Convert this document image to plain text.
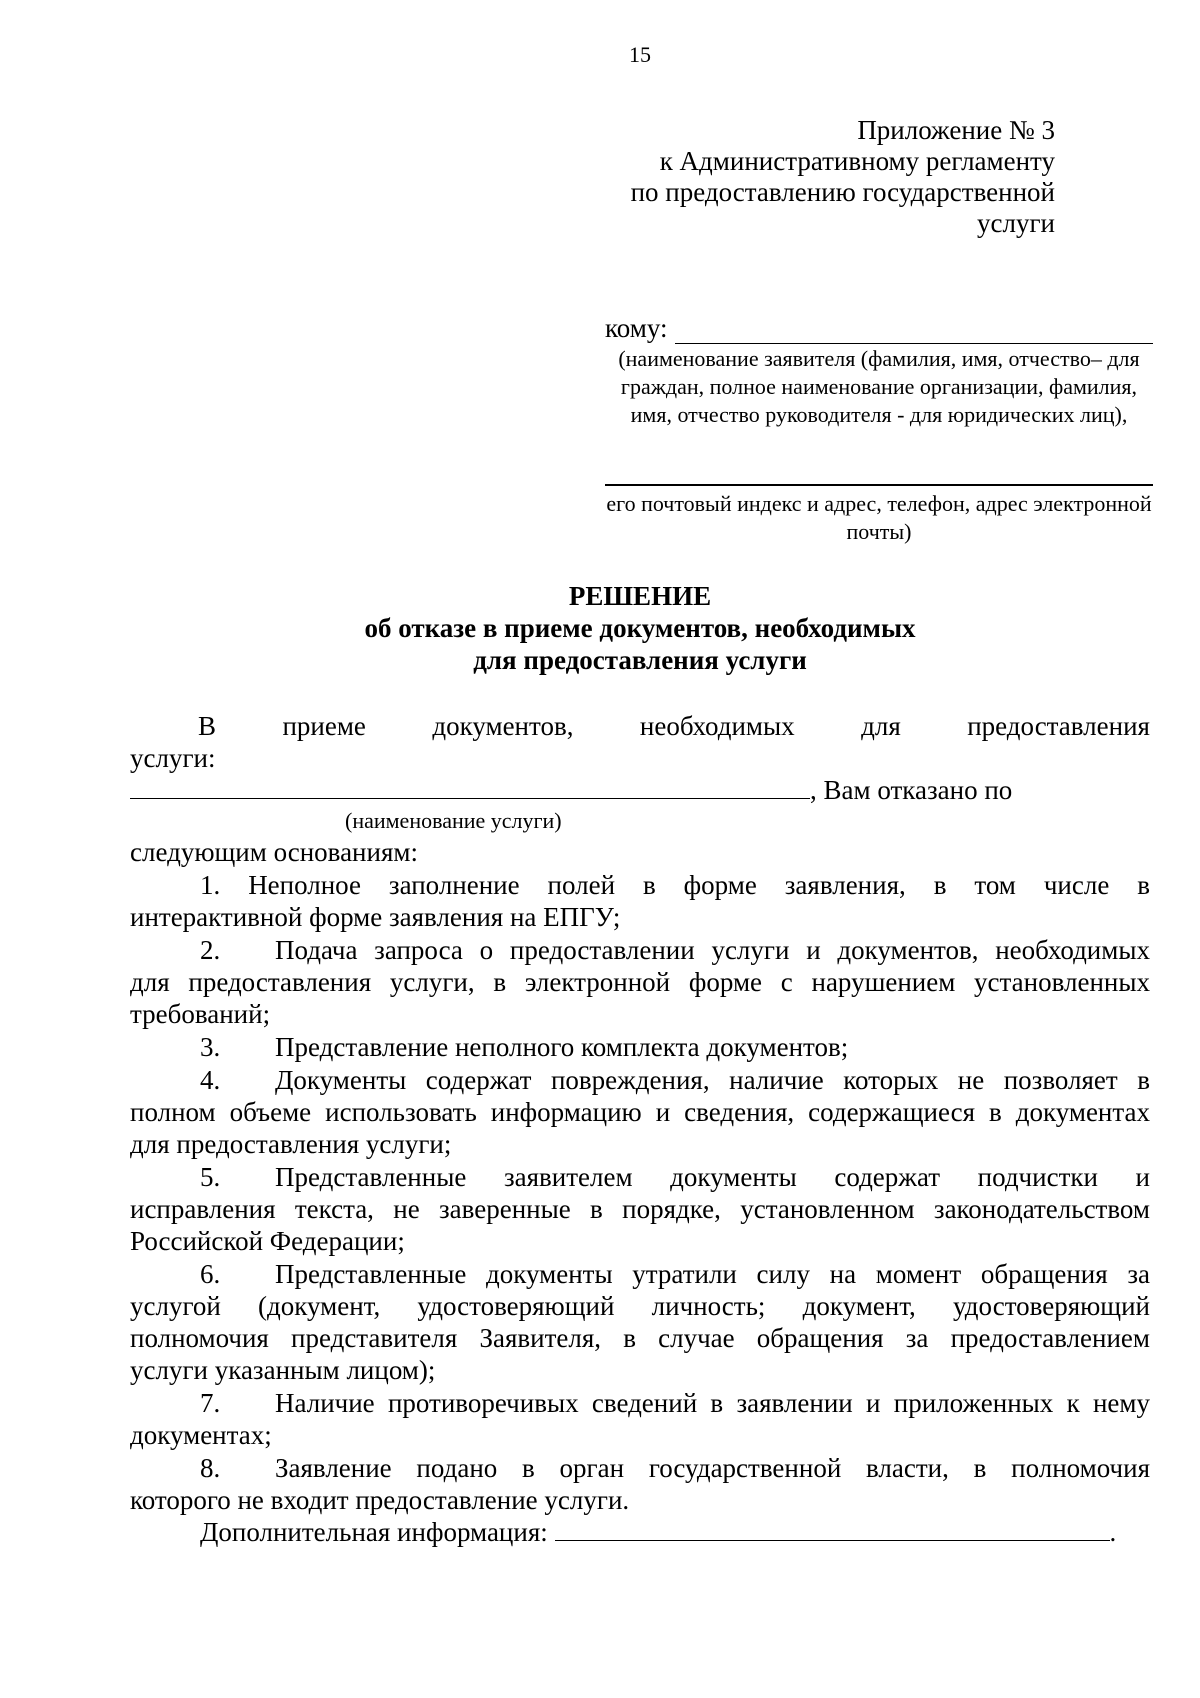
15
Приложение № 3
к Административному регламенту
по предоставлению государственной
услуги
кому:
(наименование заявителя (фамилия, имя, отчество– для граждан, полное наименование организации, фамилия, имя, отчество руководителя - для юридических лиц),
его почтовый индекс и адрес, телефон, адрес электронной почты)
РЕШЕНИЕ
об отказе в приеме документов, необходимых
для предоставления услуги
В приеме документов, необходимых для предоставления
услуги:
, Вам отказано по
(наименование услуги)
следующим основаниям:
1. Неполное заполнение полей в форме заявления, в том числе в
интерактивной форме заявления на ЕПГУ;
2. Подача запроса о предоставлении услуги и документов, необходимых
для предоставления услуги, в электронной форме с нарушением установленных
требований;
3. Представление неполного комплекта документов;
4. Документы содержат повреждения, наличие которых не позволяет в
полном объеме использовать информацию и сведения, содержащиеся в документах
для предоставления услуги;
5. Представленные заявителем документы содержат подчистки и
исправления текста, не заверенные в порядке, установленном законодательством
Российской Федерации;
6. Представленные документы утратили силу на момент обращения за
услугой (документ, удостоверяющий личность; документ, удостоверяющий
полномочия представителя Заявителя, в случае обращения за предоставлением
услуги указанным лицом);
7. Наличие противоречивых сведений в заявлении и приложенных к нему
документах;
8. Заявление подано в орган государственной власти, в полномочия
которого не входит предоставление услуги.
Дополнительная информация:	.
